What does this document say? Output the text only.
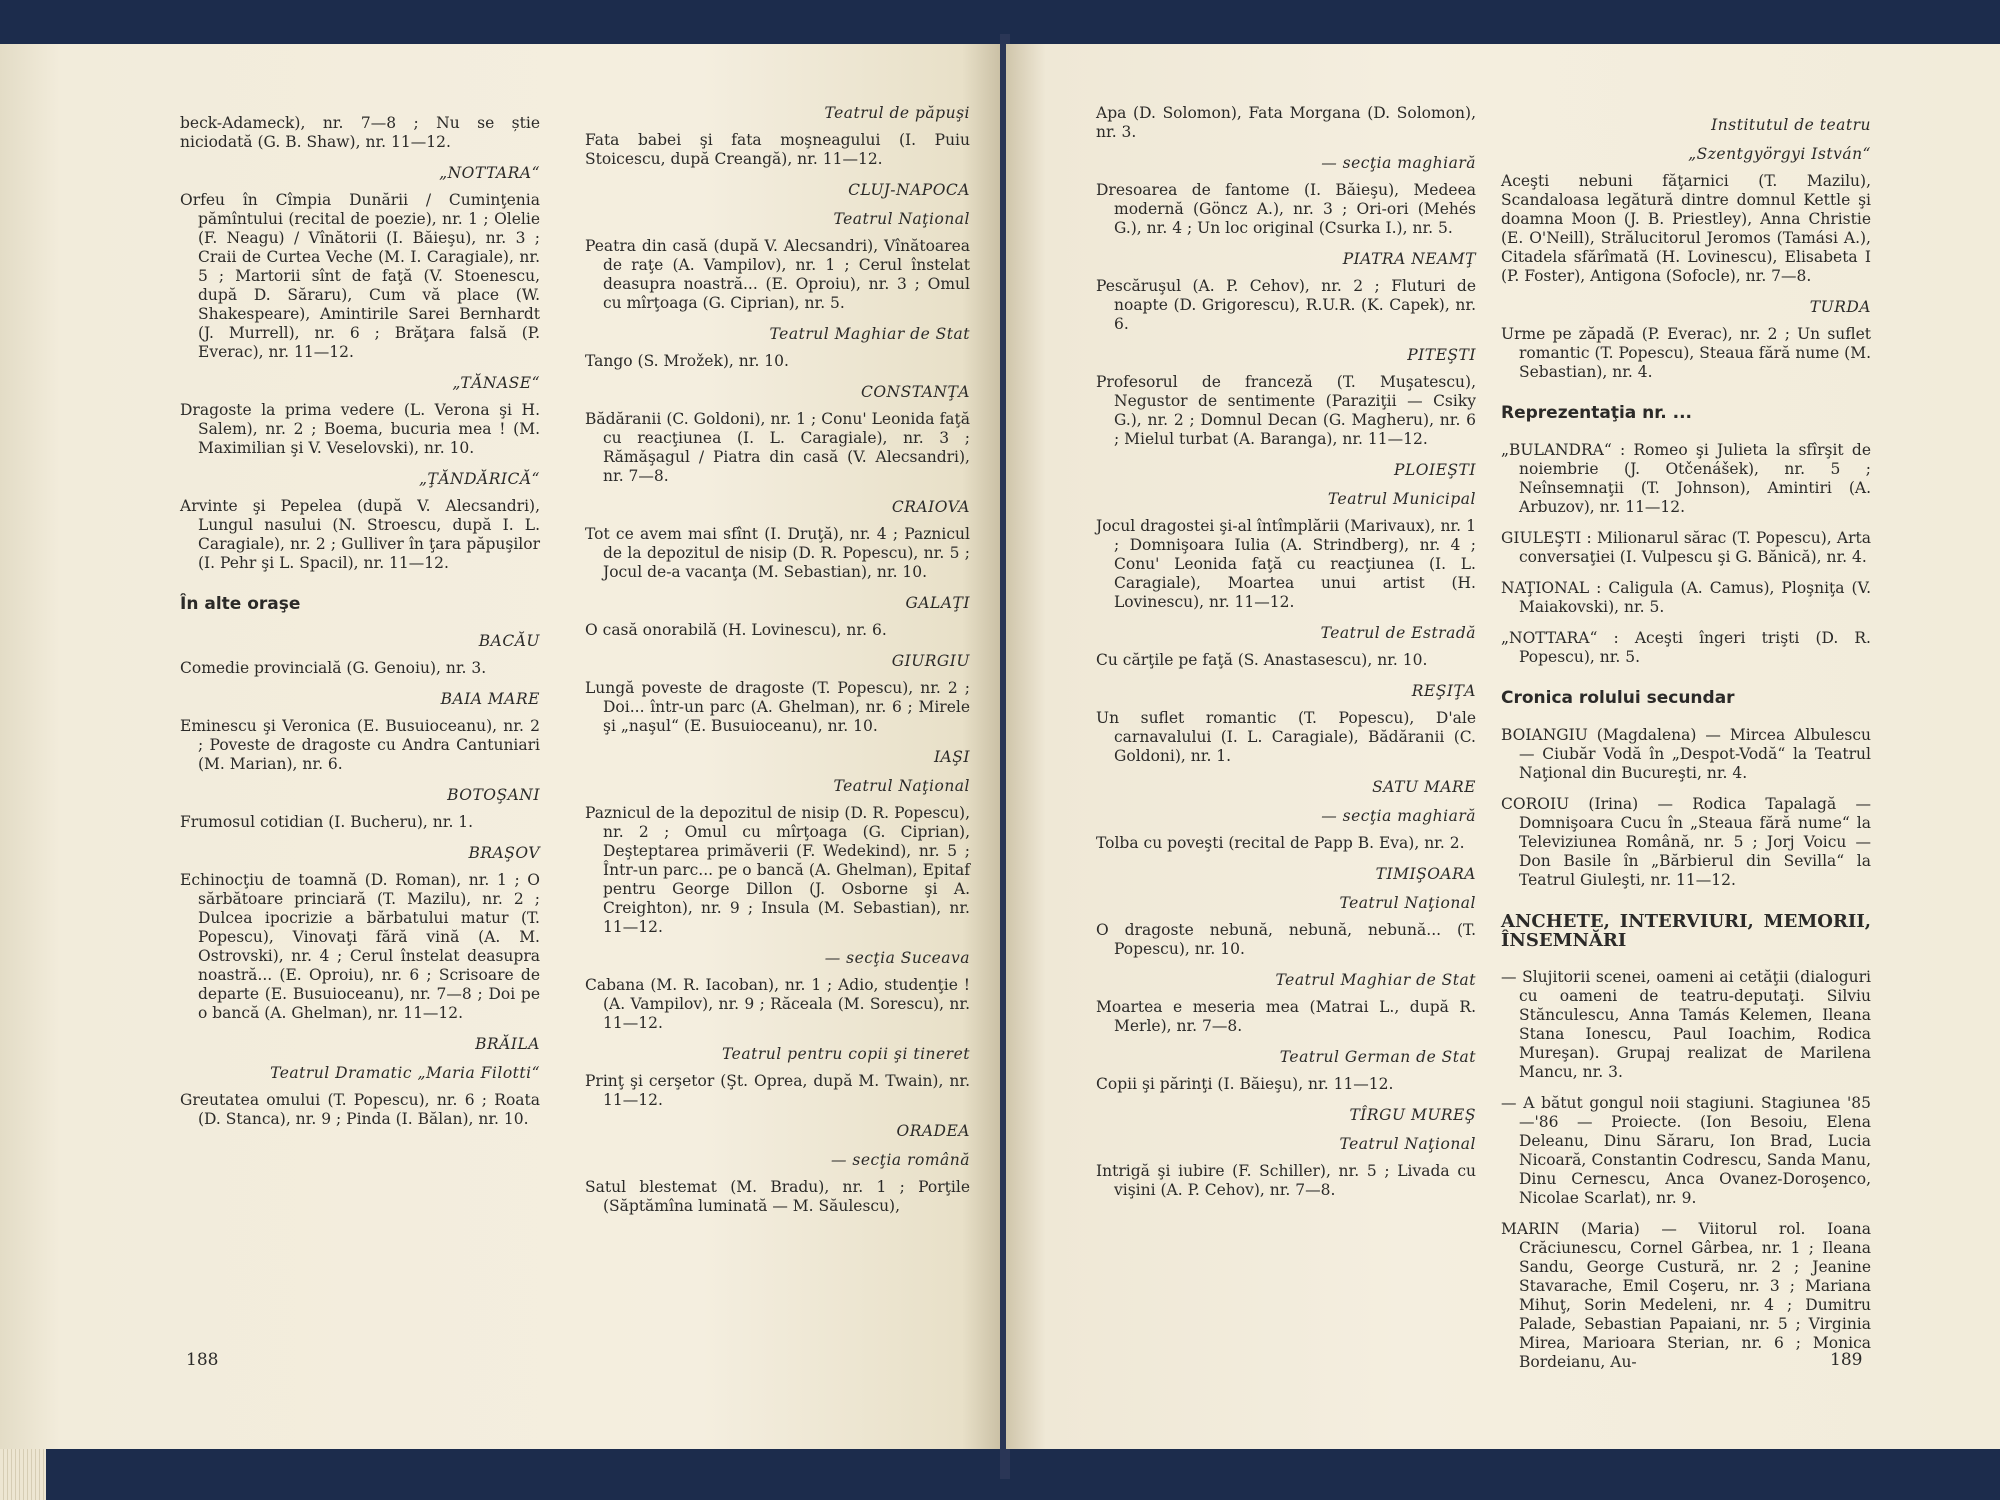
beck-Adameck), nr. 7—8 ; Nu se știe niciodată (G. B. Shaw), nr. 11—12.

„NOTTARA“

Orfeu în Cîmpia Dunării / Cuminţenia pămîntului (recital de poezie), nr. 1 ; Olelie (F. Neagu) / Vînătorii (I. Băieşu), nr. 3 ; Craii de Curtea Veche (M. I. Caragiale), nr. 5 ; Martorii sînt de faţă (V. Stoenescu, după D. Săraru), Cum vă place (W. Shakespeare), Amintirile Sarei Bernhardt (J. Murrell), nr. 6 ; Brăţara falsă (P. Everac), nr. 11—12.

„TĂNASE“

Dragoste la prima vedere (L. Verona şi H. Salem), nr. 2 ; Boema, bucuria mea ! (M. Maximilian şi V. Veselovski), nr. 10.

„ŢĂNDĂRICĂ“

Arvinte şi Pepelea (după V. Alecsandri), Lungul nasului (N. Stroescu, după I. L. Caragiale), nr. 2 ; Gulliver în ţara păpuşilor (I. Pehr şi L. Spacil), nr. 11—12.

În alte oraşe

BACĂU

Comedie provincială (G. Genoiu), nr. 3.

BAIA MARE

Eminescu şi Veronica (E. Busuioceanu), nr. 2 ; Poveste de dragoste cu Andra Cantuniari (M. Marian), nr. 6.

BOTOŞANI

Frumosul cotidian (I. Bucheru), nr. 1.

BRAŞOV

Echinocţiu de toamnă (D. Roman), nr. 1 ; O sărbătoare princiară (T. Mazilu), nr. 2 ; Dulcea ipocrizie a bărbatului matur (T. Popescu), Vinovaţi fără vină (A. M. Ostrovski), nr. 4 ; Cerul înstelat deasupra noastră... (E. Oproiu), nr. 6 ; Scrisoare de departe (E. Busuioceanu), nr. 7—8 ; Doi pe o bancă (A. Ghelman), nr. 11—12.

BRĂILA

Teatrul Dramatic „Maria Filotti“

Greutatea omului (T. Popescu), nr. 6 ; Roata (D. Stanca), nr. 9 ; Pinda (I. Bălan), nr. 10.

Teatrul de păpuşi

Fata babei şi fata moşneagului (I. Puiu Stoicescu, după Creangă), nr. 11—12.

CLUJ-NAPOCA

Teatrul Naţional

Peatra din casă (după V. Alecsandri), Vînătoarea de raţe (A. Vampilov), nr. 1 ; Cerul înstelat deasupra noastră... (E. Oproiu), nr. 3 ; Omul cu mîrţoaga (G. Ciprian), nr. 5.

Teatrul Maghiar de Stat

Tango (S. Mrožek), nr. 10.

CONSTANŢA

Bădăranii (C. Goldoni), nr. 1 ; Conu' Leonida faţă cu reacţiunea (I. L. Caragiale), nr. 3 ; Rămăşagul / Piatra din casă (V. Alecsandri), nr. 7—8.

CRAIOVA

Tot ce avem mai sfînt (I. Druţă), nr. 4 ; Paznicul de la depozitul de nisip (D. R. Popescu), nr. 5 ; Jocul de-a vacanţa (M. Sebastian), nr. 10.

GALAŢI

O casă onorabilă (H. Lovinescu), nr. 6.

GIURGIU

Lungă poveste de dragoste (T. Popescu), nr. 2 ; Doi... într-un parc (A. Ghelman), nr. 6 ; Mirele şi „naşul“ (E. Busuioceanu), nr. 10.

IAŞI

Teatrul Naţional

Paznicul de la depozitul de nisip (D. R. Popescu), nr. 2 ; Omul cu mîrţoaga (G. Ciprian), Deşteptarea primăverii (F. Wedekind), nr. 5 ; Într-un parc... pe o bancă (A. Ghelman), Epitaf pentru George Dillon (J. Osborne şi A. Creighton), nr. 9 ; Insula (M. Sebastian), nr. 11—12.

— secţia Suceava

Cabana (M. R. Iacoban), nr. 1 ; Adio, studenţie ! (A. Vampilov), nr. 9 ; Răceala (M. Sorescu), nr. 11—12.

Teatrul pentru copii şi tineret

Prinţ şi cerşetor (Şt. Oprea, după M. Twain), nr. 11—12.

ORADEA

— secţia română

Satul blestemat (M. Bradu), nr. 1 ; Porţile (Săptămîna luminată — M. Săulescu),

188

Apa (D. Solomon), Fata Morgana (D. Solomon), nr. 3.

— secţia maghiară

Dresoarea de fantome (I. Băieşu), Medeea modernă (Göncz A.), nr. 3 ; Ori-ori (Mehés G.), nr. 4 ; Un loc original (Csurka I.), nr. 5.

PIATRA NEAMŢ

Pescăruşul (A. P. Cehov), nr. 2 ; Fluturi de noapte (D. Grigorescu), R.U.R. (K. Capek), nr. 6.

PITEŞTI

Profesorul de franceză (T. Muşatescu), Negustor de sentimente (Paraziţii — Csiky G.), nr. 2 ; Domnul Decan (G. Magheru), nr. 6 ; Mielul turbat (A. Baranga), nr. 11—12.

PLOIEŞTI

Teatrul Municipal

Jocul dragostei şi-al întîmplării (Marivaux), nr. 1 ; Domnişoara Iulia (A. Strindberg), nr. 4 ; Conu' Leonida faţă cu reacţiunea (I. L. Caragiale), Moartea unui artist (H. Lovinescu), nr. 11—12.

Teatrul de Estradă

Cu cărţile pe faţă (S. Anastasescu), nr. 10.

REŞIŢA

Un suflet romantic (T. Popescu), D'ale carnavalului (I. L. Caragiale), Bădăranii (C. Goldoni), nr. 1.

SATU MARE

— secţia maghiară

Tolba cu poveşti (recital de Papp B. Eva), nr. 2.

TIMIŞOARA

Teatrul Naţional

O dragoste nebună, nebună, nebună... (T. Popescu), nr. 10.

Teatrul Maghiar de Stat

Moartea e meseria mea (Matrai L., după R. Merle), nr. 7—8.

Teatrul German de Stat

Copii şi părinţi (I. Băieşu), nr. 11—12.

TÎRGU MUREŞ

Teatrul Naţional

Intrigă şi iubire (F. Schiller), nr. 5 ; Livada cu vişini (A. P. Cehov), nr. 7—8.

Institutul de teatru

„Szentgyörgyi István“

Aceşti nebuni făţarnici (T. Mazilu), Scandaloasa legătură dintre domnul Kettle şi doamna Moon (J. B. Priestley), Anna Christie (E. O'Neill), Strălucitorul Jeromos (Tamási A.), Citadela sfărîmată (H. Lovinescu), Elisabeta I (P. Foster), Antigona (Sofocle), nr. 7—8.

TURDA

Urme pe zăpadă (P. Everac), nr. 2 ; Un suflet romantic (T. Popescu), Steaua fără nume (M. Sebastian), nr. 4.

Reprezentaţia nr. ...

„BULANDRA“ : Romeo şi Julieta la sfîrşit de noiembrie (J. Otčenášek), nr. 5 ; Neînsemnaţii (T. Johnson), Amintiri (A. Arbuzov), nr. 11—12.

GIULEŞTI : Milionarul sărac (T. Popescu), Arta conversaţiei (I. Vulpescu şi G. Bănică), nr. 4.

NAŢIONAL : Caligula (A. Camus), Ploşniţa (V. Maiakovski), nr. 5.

„NOTTARA“ : Aceşti îngeri trişti (D. R. Popescu), nr. 5.

Cronica rolului secundar

BOIANGIU (Magdalena) — Mircea Albulescu — Ciubăr Vodă în „Despot-Vodă“ la Teatrul Naţional din Bucureşti, nr. 4.

COROIU (Irina) — Rodica Tapalagă — Domnişoara Cucu în „Steaua fără nume“ la Televiziunea Română, nr. 5 ; Jorj Voicu — Don Basile în „Bărbierul din Sevilla“ la Teatrul Giuleşti, nr. 11—12.

ANCHETE, INTERVIURI, MEMORII, ÎNSEMNĂRI

— Slujitorii scenei, oameni ai cetăţii (dialoguri cu oameni de teatru-deputaţi. Silviu Stănculescu, Anna Tamás Kelemen, Ileana Stana Ionescu, Paul Ioachim, Rodica Mureşan). Grupaj realizat de Marilena Mancu, nr. 3.

— A bătut gongul noii stagiuni. Stagiunea '85—'86 — Proiecte. (Ion Besoiu, Elena Deleanu, Dinu Săraru, Ion Brad, Lucia Nicoară, Constantin Codrescu, Sanda Manu, Dinu Cernescu, Anca Ovanez-Doroşenco, Nicolae Scarlat), nr. 9.

MARIN (Maria) — Viitorul rol. Ioana Crăciunescu, Cornel Gârbea, nr. 1 ; Ileana Sandu, George Custură, nr. 2 ; Jeanine Stavarache, Emil Coşeru, nr. 3 ; Mariana Mihuţ, Sorin Medeleni, nr. 4 ; Dumitru Palade, Sebastian Papaiani, nr. 5 ; Virginia Mirea, Marioara Sterian, nr. 6 ; Monica Bordeianu, Au-	189
